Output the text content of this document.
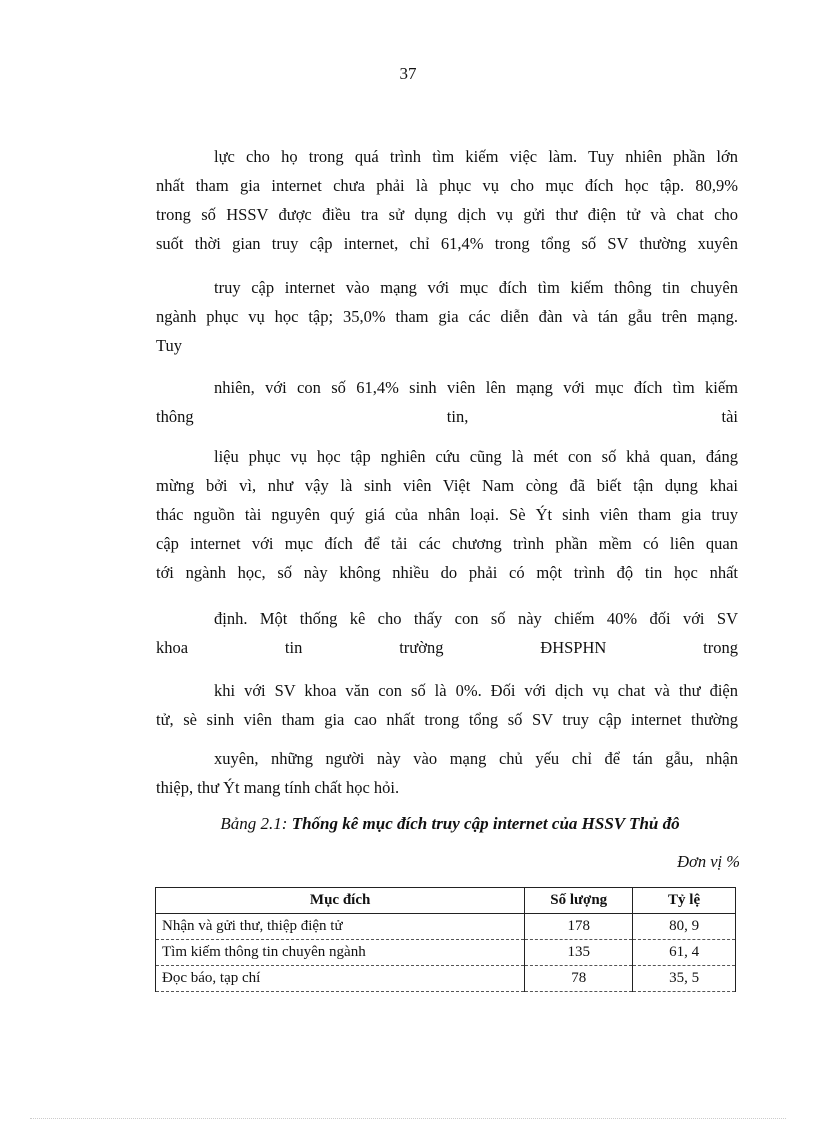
37
lực cho họ trong quá trình tìm kiếm việc làm. Tuy nhiên phần lớn
nhất tham gia internet chưa phải là phục vụ cho mục đích học tập. 80,9%
trong số HSSV được điều tra sử dụng dịch vụ gửi thư điện tử và chat cho
suốt thời gian truy cập internet, chỉ 61,4% trong tổng số SV thường xuyên
truy cập internet vào mạng với mục đích tìm kiếm thông tin chuyên
ngành phục vụ học tập; 35,0% tham gia các diễn đàn và tán gẫu trên mạng.
Tuy
nhiên, với con số 61,4% sinh viên lên mạng với mục đích tìm kiếm
thông tin, tài
liệu phục vụ học tập nghiên cứu cũng là mét con số khả quan, đáng
mừng bởi vì, như vậy là sinh viên Việt Nam còng đã biết tận dụng khai
thác nguồn tài nguyên quý giá của nhân loại. Sè Ýt sinh viên tham gia truy
cập internet với mục đích để tải các chương trình phần mềm có liên quan
tới ngành học, số này không nhiều do phải có một trình độ tin học nhất
định. Một thống kê cho thấy con số này chiếm 40% đối với SV
khoa tin trường ĐHSPHN trong
khi với SV khoa văn con số là 0%. Đối với dịch vụ chat và thư điện
tử, sè sinh viên tham gia cao nhất trong tổng số SV truy cập internet thường
xuyên, những người này vào mạng chủ yếu chỉ để tán gẫu, nhận
thiệp, thư Ýt mang tính chất học hỏi.
Bảng 2.1: Thống kê mục đích truy cập internet của HSSV Thủ đô
Đơn vị %
Mục đích	Số lượng	Tỷ lệ
Nhận và gửi thư, thiệp điện tử	178	80, 9
Tìm kiếm thông tin chuyên ngành	135	61, 4
Đọc báo, tạp chí	78	35, 5
